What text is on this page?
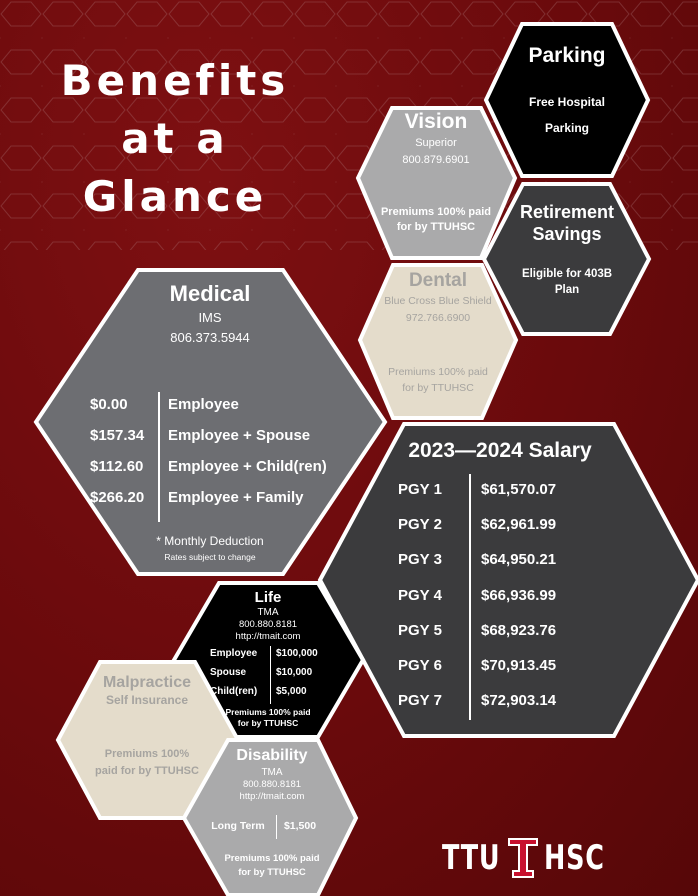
Benefits
at a
Glance
Parking
Free Hospital
Parking
Vision
Superior
800.879.6901
Premiums 100% paid
for by TTUHSC
Retirement
Savings
Eligible for 403B
Plan
Dental
Blue Cross Blue Shield
972.766.6900
Premiums 100% paid
for by TTUHSC
Medical
IMS
806.373.5944
$0.00	Employee
$157.34	Employee + Spouse
$112.60	Employee + Child(ren)
$266.20	Employee + Family
* Monthly Deduction
Rates subject to change
2023—2024 Salary
PGY 1	$61,570.07
PGY 2	$62,961.99
PGY 3	$64,950.21
PGY 4	$66,936.99
PGY 5	$68,923.76
PGY 6	$70,913.45
PGY 7	$72,903.14
Life
TMA
800.880.8181
http://tmait.com
Employee	$100,000
Spouse	$10,000
Child(ren)	$5,000
Premiums 100% paid
for by TTUHSC
Malpractice
Self Insurance
Premiums 100%
paid for by TTUHSC
Disability
TMA
800.880.8181
http://tmait.com
Long Term	$1,500
Premiums 100% paid
for by TTUHSC	TTU HSC
